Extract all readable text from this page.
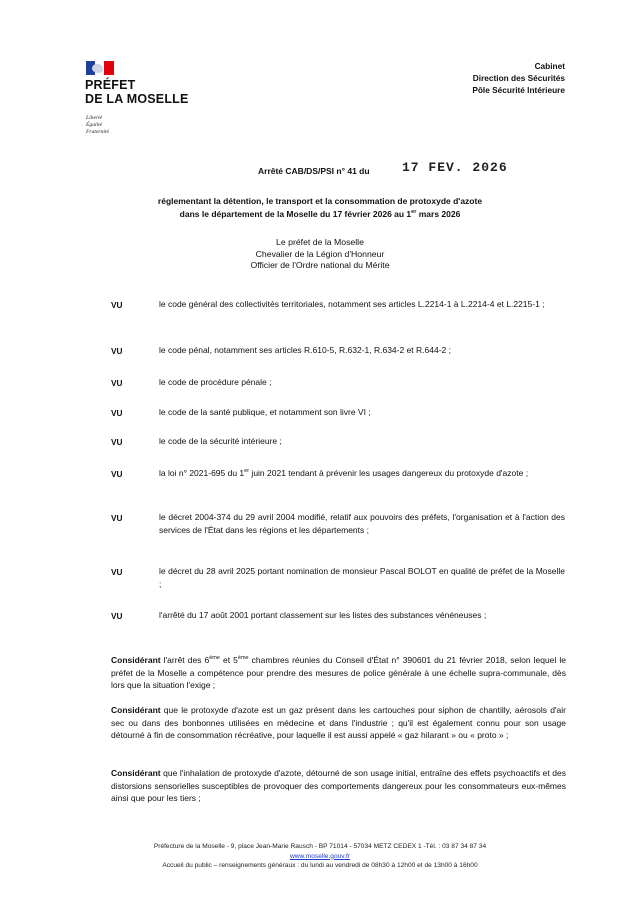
PRÉFET
DE LA MOSELLE
Liberté
Égalité
Fraternité
Cabinet
Direction des Sécurités
Pôle Sécurité Intérieure
Arrêté CAB/DS/PSI n° 41 du 17 FEV. 2026
réglementant la détention, le transport et la consommation de protoxyde d'azote
dans le département de la Moselle du 17 février 2026 au 1er mars 2026
Le préfet de la Moselle
Chevalier de la Légion d'Honneur
Officier de l'Ordre national du Mérite
VU	le code général des collectivités territoriales, notamment ses articles L.2214-1 à L.2214-4 et L.2215-1 ;
VU	le code pénal, notamment ses articles R.610-5, R.632-1, R.634-2 et R.644-2 ;
VU	le code de procédure pénale ;
VU	le code de la santé publique, et notamment son livre VI ;
VU	le code de la sécurité intérieure ;
VU	la loi n° 2021-695 du 1er juin 2021 tendant à prévenir les usages dangereux du protoxyde d'azote ;
VU	le décret 2004-374 du 29 avril 2004 modifié, relatif aux pouvoirs des préfets, l'organisation et à l'action des services de l'État dans les régions et les départements ;
VU	le décret du 28 avril 2025 portant nomination de monsieur Pascal BOLOT en qualité de préfet de la Moselle ;
VU	l'arrêté du 17 août 2001 portant classement sur les listes des substances vénéneuses ;
Considérant l'arrêt des 6ème et 5ème chambres réunies du Conseil d'État n° 390601 du 21 février 2018, selon lequel le préfet de la Moselle a compétence pour prendre des mesures de police générale à une échelle supra-communale, dès lors que la situation l'exige ;
Considérant que le protoxyde d'azote est un gaz présent dans les cartouches pour siphon de chantilly, aérosols d'air sec ou dans des bonbonnes utilisées en médecine et dans l'industrie ; qu'il est également connu pour son usage détourné à fin de consommation récréative, pour laquelle il est aussi appelé « gaz hilarant » ou « proto » ;
Considérant que l'inhalation de protoxyde d'azote, détourné de son usage initial, entraîne des effets psychoactifs et des distorsions sensorielles susceptibles de provoquer des comportements dangereux pour les consommateurs eux-mêmes ainsi que pour les tiers ;
Préfecture de la Moselle - 9, place Jean-Marie Rausch - BP 71014 - 57034 METZ CEDEX 1 -Tél. : 03 87 34 87 34
www.moselle.gouv.fr
Accueil du public – renseignements généraux : du lundi au vendredi de 08h30 à 12h00 et de 13h00 à 16h00
